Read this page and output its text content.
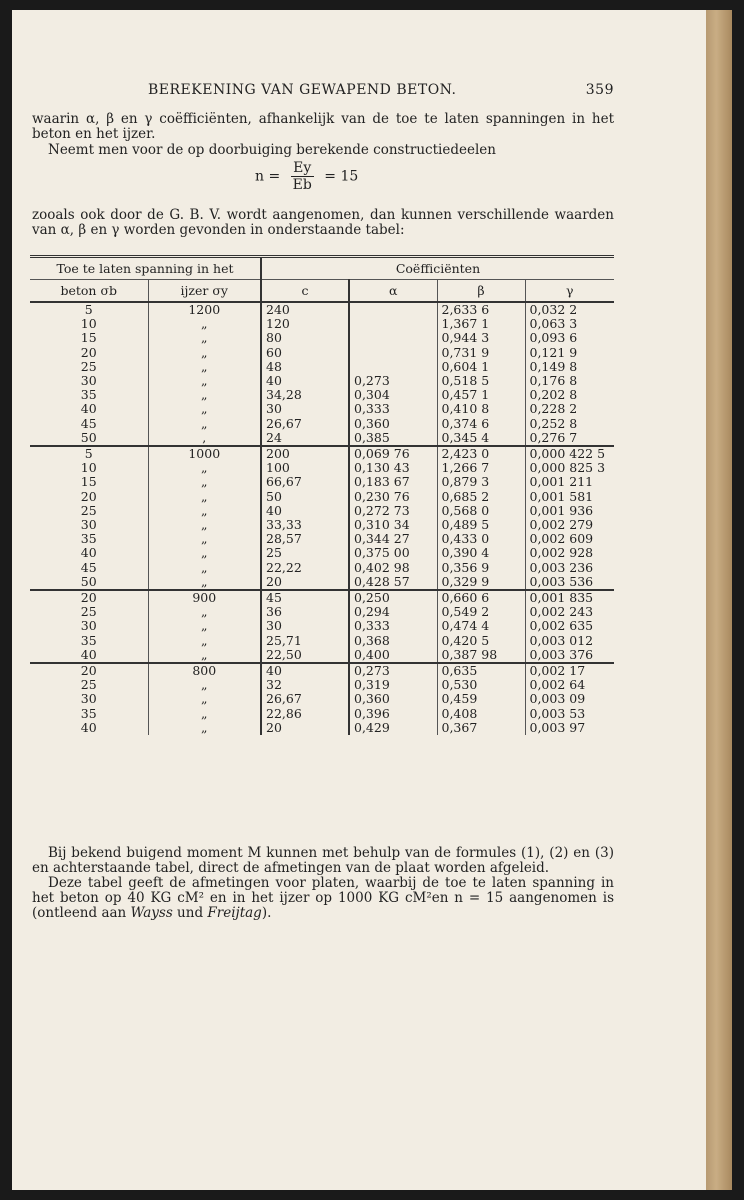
BEREKENING VAN GEWAPEND BETON.	359
waarin α, β en γ coëfficiënten, afhankelijk van de toe te laten spanningen in het beton en het ijzer.
Neemt men voor de op doorbuiging berekende constructiedeelen
$n = \frac{Ey}{Eb} = 15$
zooals ook door de G. B. V. wordt aangenomen, dan kunnen verschillende waarden van α, β en γ worden gevonden in onderstaande tabel:
Toe te laten spanning in het		Coëfficiënten			
		c	α	β	γ
beton σb	ijzer σy				
5	1200	240		2,633 6	0,032 2
10	„	120		1,367 1	0,063 3
15	„	80		0,944 3	0,093 6
20	„	60		0,731 9	0,121 9
25	„	48		0,604 1	0,149 8
30	„	40	0,273	0,518 5	0,176 8
35	„	34,28	0,304	0,457 1	0,202 8
40	„	30	0,333	0,410 8	0,228 2
45	„	26,67	0,360	0,374 6	0,252 8
50	,	24	0,385	0,345 4	0,276 7
5	1000	200	0,069 76	2,423 0	0,000 422 5
10	„	100	0,130 43	1,266 7	0,000 825 3
15	„	66,67	0,183 67	0,879 3	0,001 211
20	„	50	0,230 76	0,685 2	0,001 581
25	„	40	0,272 73	0,568 0	0,001 936
30	„	33,33	0,310 34	0,489 5	0,002 279
35	„	28,57	0,344 27	0,433 0	0,002 609
40	„	25	0,375 00	0,390 4	0,002 928
45	„	22,22	0,402 98	0,356 9	0,003 236
50	„	20	0,428 57	0,329 9	0,003 536
20	900	45	0,250	0,660 6	0,001 835
25	„	36	0,294	0,549 2	0,002 243
30	„	30	0,333	0,474 4	0,002 635
35	„	25,71	0,368	0,420 5	0,003 012
40	„	22,50	0,400	0,387 98	0,003 376
20	800	40	0,273	0,635	0,002 17
25	„	32	0,319	0,530	0,002 64
30	„	26,67	0,360	0,459	0,003 09
35	„	22,86	0,396	0,408	0,003 53
40	„	20	0,429	0,367	0,003 97
Bij bekend buigend moment M kunnen met behulp van de formules (1), (2) en (3) en achterstaande tabel, direct de afmetingen van de plaat worden afgeleid.
Deze tabel geeft de afmetingen voor platen, waarbij de toe te laten spanning in het beton op 40 KG cM² en in het ijzer op 1000 KG cM²en n = 15 aangenomen is (ontleend aan Wayss und Freijtag).
